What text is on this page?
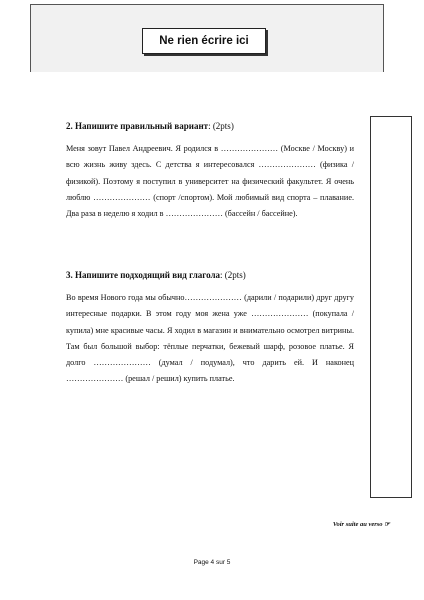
Ne rien écrire ici
2. Напишите правильный вариант: (2pts)

Меня зовут Павел Андреевич. Я родился в ………………… (Москве / Москву) и всю жизнь живу здесь. С детства я интересовался ………………… (физика / физикой). Поэтому я поступил в университет на физический факультет. Я очень люблю ………………… (спорт /спортом). Мой любимый вид спорта – плавание. Два раза в неделю я ходил в ………………… (бассейн / бассейне).

3. Напишите подходящий вид глагола: (2pts)

Во время Нового года мы обычно………………… (дарили / подарили) друг другу интересные подарки. В этом году моя жена уже ………………… (покупала / купила) мне красивые часы. Я ходил в магазин и внимательно осмотрел витрины. Там был большой выбор: тёплые перчатки, бежевый шарф, розовое платье. Я долго ………………… (думал / подумал), что дарить ей. И наконец ………………… (решал / решил) купить платье.

Voir suite au verso ☞
Page 4 sur 5
